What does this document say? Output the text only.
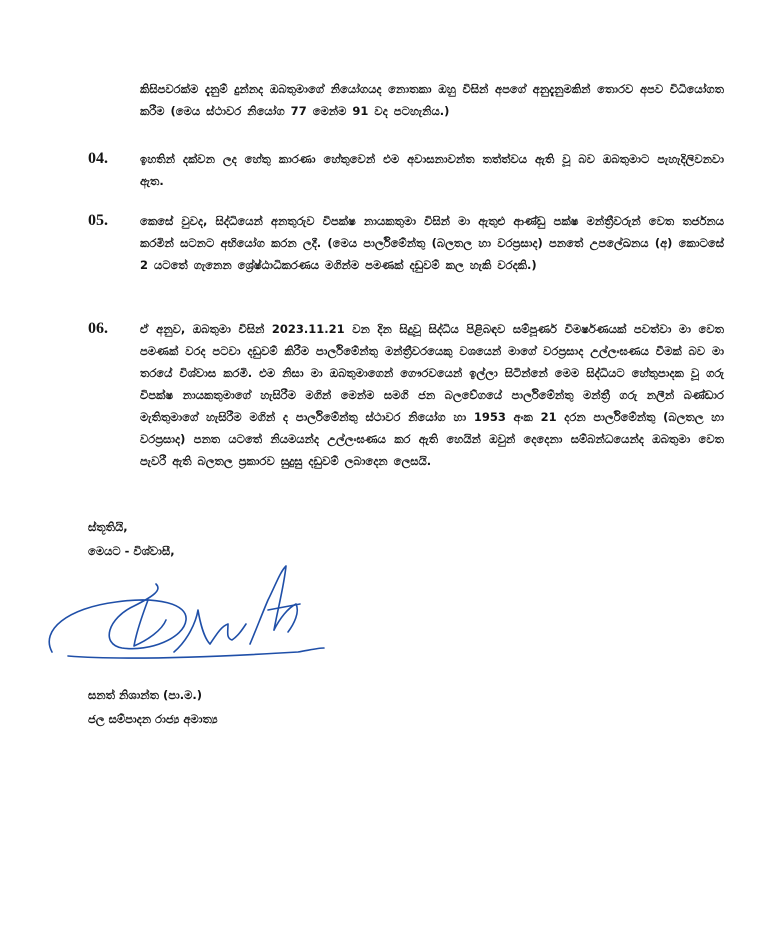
කිසිපවරක්ම දැනුම් දුන්නද ඔබතුමාගේ නියෝගයද නොතකා ඔහු විසින් අපගේ අනුදැනුමකින් තොරව අපව විධියෝගත කරීම (මෙය ස්ථාවර නියෝග 77 මෙන්ම 91 වද පටහැනිය.)
04.	ඉහතින් දක්වන ලද හේතු කාරණා හේතුවෙන් එම අවාසනාවන්ත තත්ත්වය ඇති වූ බව ඔබතුමාට පැහැදිලිවනවා ඇත.
05.	කෙසේ වුවද, සිද්ධියෙන් අනතුරුව විපක්ෂ නායකතුමා විසින් මා ඇතුළු ආණ්ඩු පක්ෂ මන්ත්‍රීවරුන් වෙත තර්ජනය කරමින් සටනට අභියෝග කරන ලදී. (මෙය පාර්ලිමේන්තු (බලතල හා වරප්‍රසාද) පනතේ උපලේඛනය (අ) කොටසේ 2 යටතේ ගැනෙන ශ්‍රේෂ්ඨාධිකරණය මගින්ම පමණක් දඩුවම් කල හැකි වරදකි.)
06.	ඒ අනුව, ඔබතුමා විසින් 2023.11.21 වන දින සිදුවූ සිද්ධිය පිළිබඳව සම්පූර්ණ විමර්ෂණයක් පවත්වා මා වෙත පමණක් වරද පටවා දඩුවම් කිරීම පාර්ලිමේන්තු මන්ත්‍රීවරයෙකු වශයෙන් මාගේ වරප්‍රසාද උල්ලංඝණය වීමක් බව මා තරයේ විශ්වාස කරමි. එම නිසා මා ඔබතුමාගෙන් ගෞරවයෙන් ඉල්ලා සිටින්නේ මෙම සිද්ධියට හේතුපාදක වූ ගරු විපක්ෂ නායකතුමාගේ හැසිරීම මගින් මෙන්ම සමගි ජන බලවේගයේ පාර්ලිමේන්තු මන්ත්‍රී ගරු නලීන් බණ්ඩාර මැතිතුමාගේ හැසිරීම මගින් ද පාර්ලිමේන්තු ස්ථාවර නියෝග හා 1953 අංක 21 දරන පාර්ලිමේන්තු (බලතල හා වරප්‍රසාද) පනත යටතේ නියමයන්ද උල්ලංඝණය කර ඇති හෙයින් ඔවුන් දෙදෙනා සම්බන්ධයෙන්ද ඔබතුමා වෙත පැවරී ඇති බලතල ප්‍රකාරව සුදුසු දඩුවම් ලබාදෙන ලෙසයි.
ස්තූතියි,
මෙයට - විශ්වාසී,
සනත් නිශාන්ත (පා.ම.)
ජල සම්පාදන රාජ්‍ය අමාත්‍ය
